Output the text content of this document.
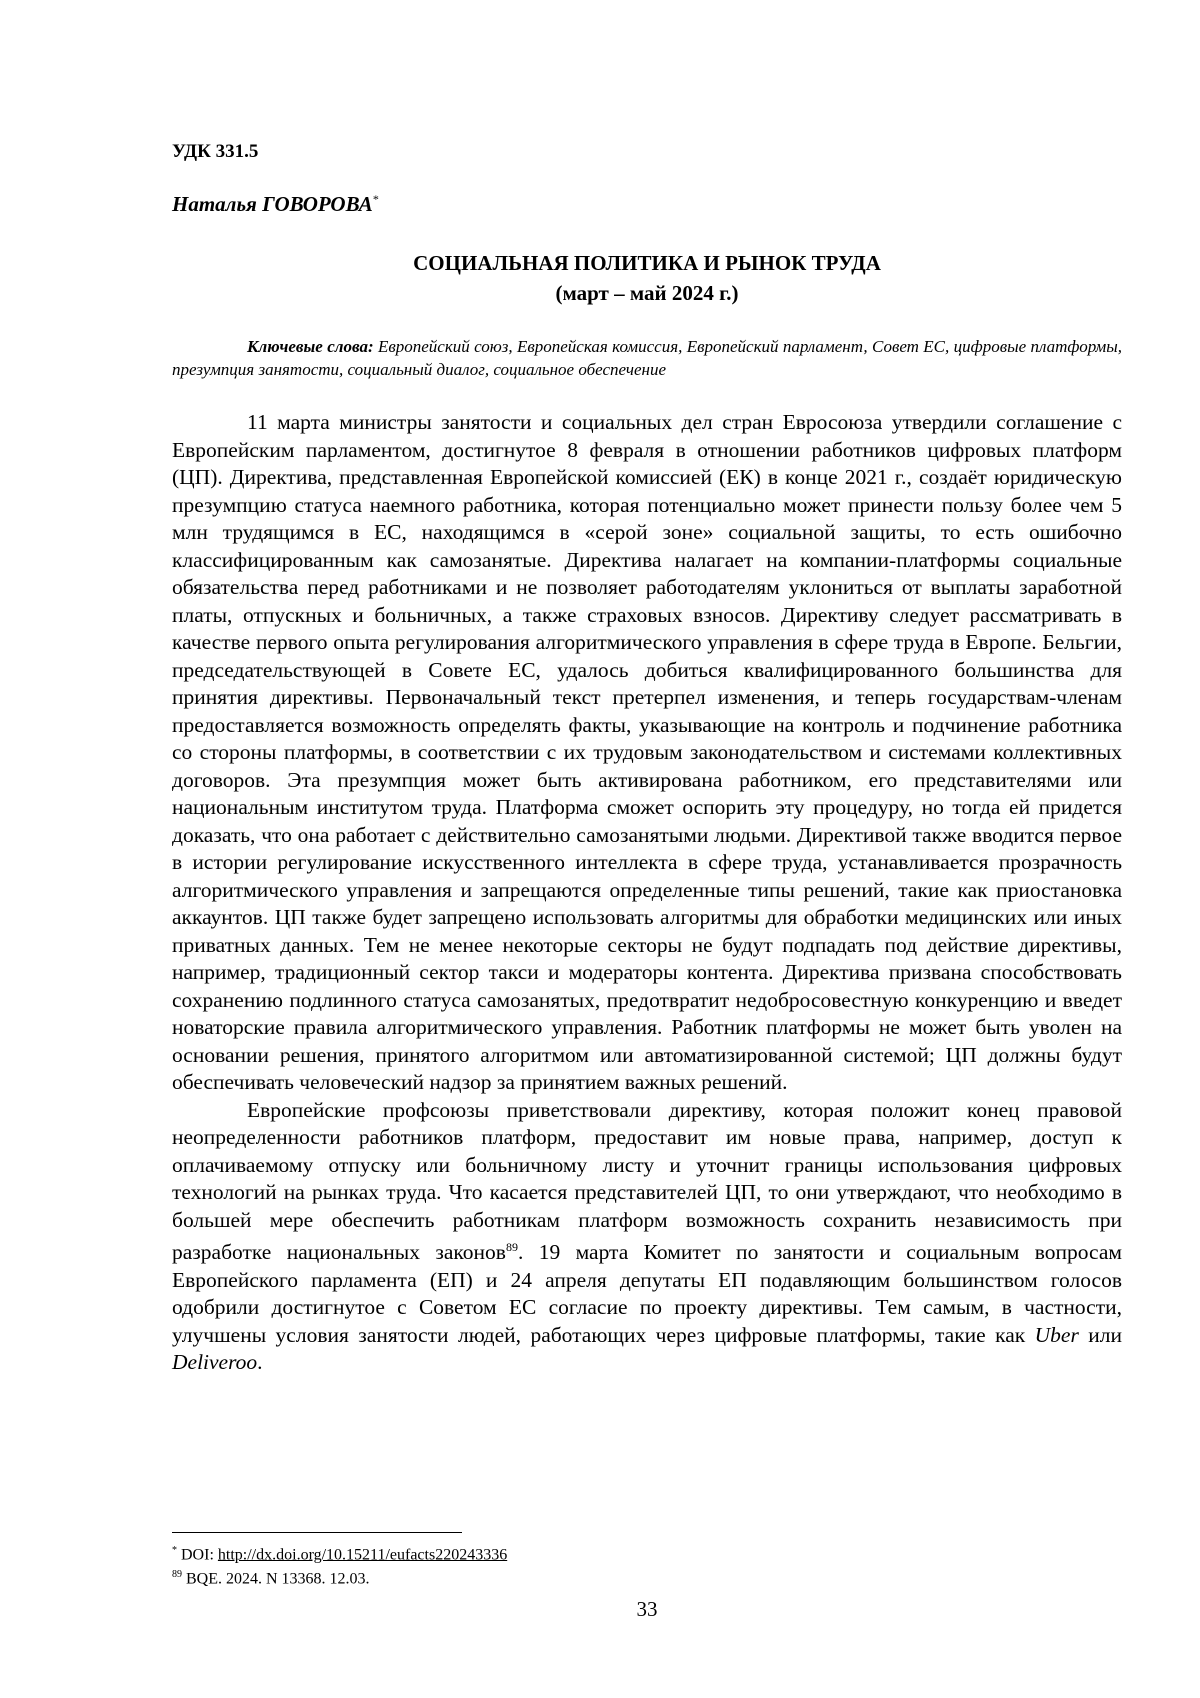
УДК 331.5
Наталья ГОВОРОВА*
СОЦИАЛЬНАЯ ПОЛИТИКА И РЫНОК ТРУДА
(март – май 2024 г.)
Ключевые слова: Европейский союз, Европейская комиссия, Европейский парламент, Совет ЕС, цифровые платформы, презумпция занятости, социальный диалог, социальное обеспечение

11 марта министры занятости и социальных дел стран Евросоюза утвердили соглашение с Европейским парламентом, достигнутое 8 февраля в отношении работников цифровых платформ (ЦП). Директива, представленная Европейской комиссией (ЕК) в конце 2021 г., создаёт юридическую презумпцию статуса наемного работника, которая потенциально может принести пользу более чем 5 млн трудящимся в ЕС, находящимся в «серой зоне» социальной защиты, то есть ошибочно классифицированным как самозанятые. Директива налагает на компании-платформы социальные обязательства перед работниками и не позволяет работодателям уклониться от выплаты заработной платы, отпускных и больничных, а также страховых взносов. Директиву следует рассматривать в качестве первого опыта регулирования алгоритмического управления в сфере труда в Европе. Бельгии, председательствующей в Совете ЕС, удалось добиться квалифицированного большинства для принятия директивы. Первоначальный текст претерпел изменения, и теперь государствам-членам предоставляется возможность определять факты, указывающие на контроль и подчинение работника со стороны платформы, в соответствии с их трудовым законодательством и системами коллективных договоров. Эта презумпция может быть активирована работником, его представителями или национальным институтом труда. Платформа сможет оспорить эту процедуру, но тогда ей придется доказать, что она работает с действительно самозанятыми людьми. Директивой также вводится первое в истории регулирование искусственного интеллекта в сфере труда, устанавливается прозрачность алгоритмического управления и запрещаются определенные типы решений, такие как приостановка аккаунтов. ЦП также будет запрещено использовать алгоритмы для обработки медицинских или иных приватных данных. Тем не менее некоторые секторы не будут подпадать под действие директивы, например, традиционный сектор такси и модераторы контента. Директива призвана способствовать сохранению подлинного статуса самозанятых, предотвратит недобросовестную конкуренцию и введет новаторские правила алгоритмического управления. Работник платформы не может быть уволен на основании решения, принятого алгоритмом или автоматизированной системой; ЦП должны будут обеспечивать человеческий надзор за принятием важных решений.

Европейские профсоюзы приветствовали директиву, которая положит конец правовой неопределенности работников платформ, предоставит им новые права, например, доступ к оплачиваемому отпуску или больничному листу и уточнит границы использования цифровых технологий на рынках труда. Что касается представителей ЦП, то они утверждают, что необходимо в большей мере обеспечить работникам платформ возможность сохранить независимость при разработке национальных законов$^{89}$. 19 марта Комитет по занятости и социальным вопросам Европейского парламента (ЕП) и 24 апреля депутаты ЕП подавляющим большинством голосов одобрили достигнутое с Советом ЕС согласие по проекту директивы. Тем самым, в частности, улучшены условия занятости людей, работающих через цифровые платформы, такие как Uber или Deliveroo.

* DOI: http://dx.doi.org/10.15211/eufacts220243336
$^{89}$ BQE. 2024. N 13368. 12.03.
33
